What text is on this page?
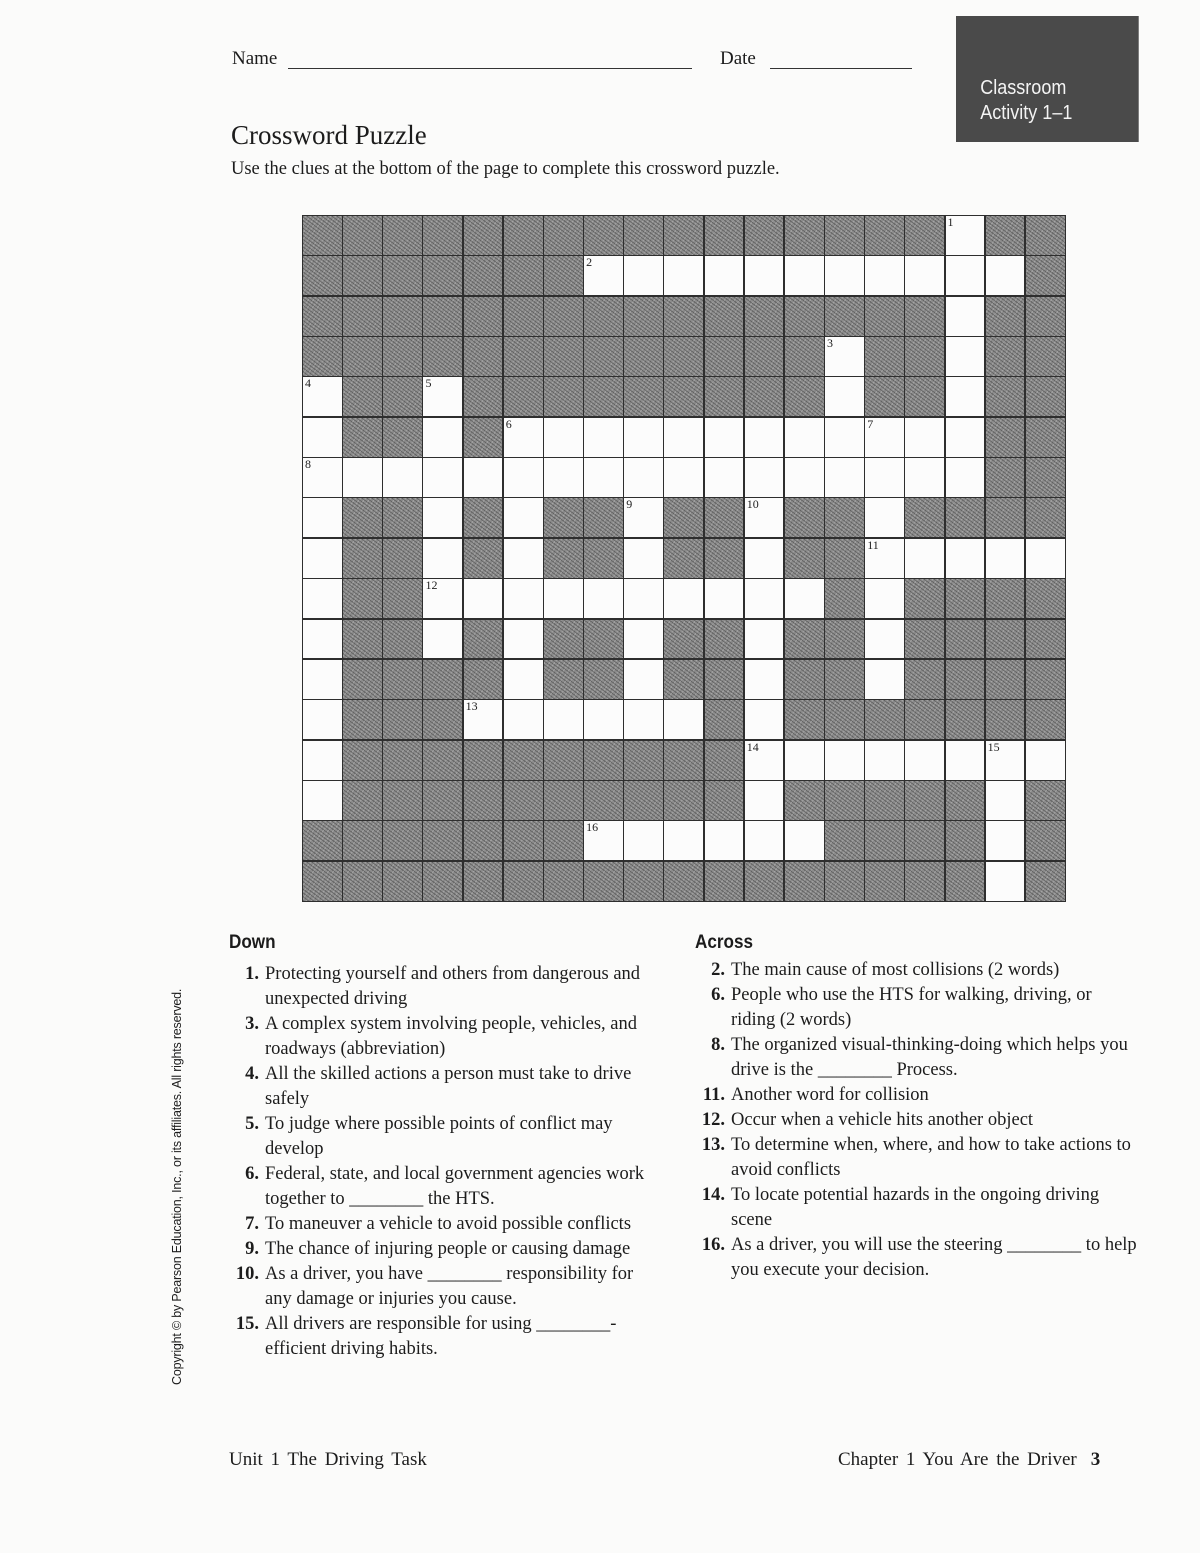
Name	Date
Classroom
Activity 1–1
Crossword Puzzle
Use the clues at the bottom of the page to complete this crossword puzzle.
1
2
3
4	5
6	7
8
9	10
11
12
13
14	15
16
Down
1. Protecting yourself and others from dangerous and unexpected driving
3. A complex system involving people, vehicles, and roadways (abbreviation)
4. All the skilled actions a person must take to drive safely
5. To judge where possible points of conflict may develop
6. Federal, state, and local government agencies work together to ________ the HTS.
7. To maneuver a vehicle to avoid possible conflicts
9. The chance of injuring people or causing damage
10. As a driver, you have ________ responsibility for any damage or injuries you cause.
15. All drivers are responsible for using ________-efficient driving habits.
Across
2. The main cause of most collisions (2 words)
6. People who use the HTS for walking, driving, or riding (2 words)
8. The organized visual-thinking-doing which helps you drive is the ________ Process.
11. Another word for collision
12. Occur when a vehicle hits another object
13. To determine when, where, and how to take actions to avoid conflicts
14. To locate potential hazards in the ongoing driving scene
16. As a driver, you will use the steering ________ to help you execute your decision.
Copyright © by Pearson Education, Inc., or its affiliates. All rights reserved.
Unit 1 The Driving Task	Chapter 1 You Are the Driver 3
